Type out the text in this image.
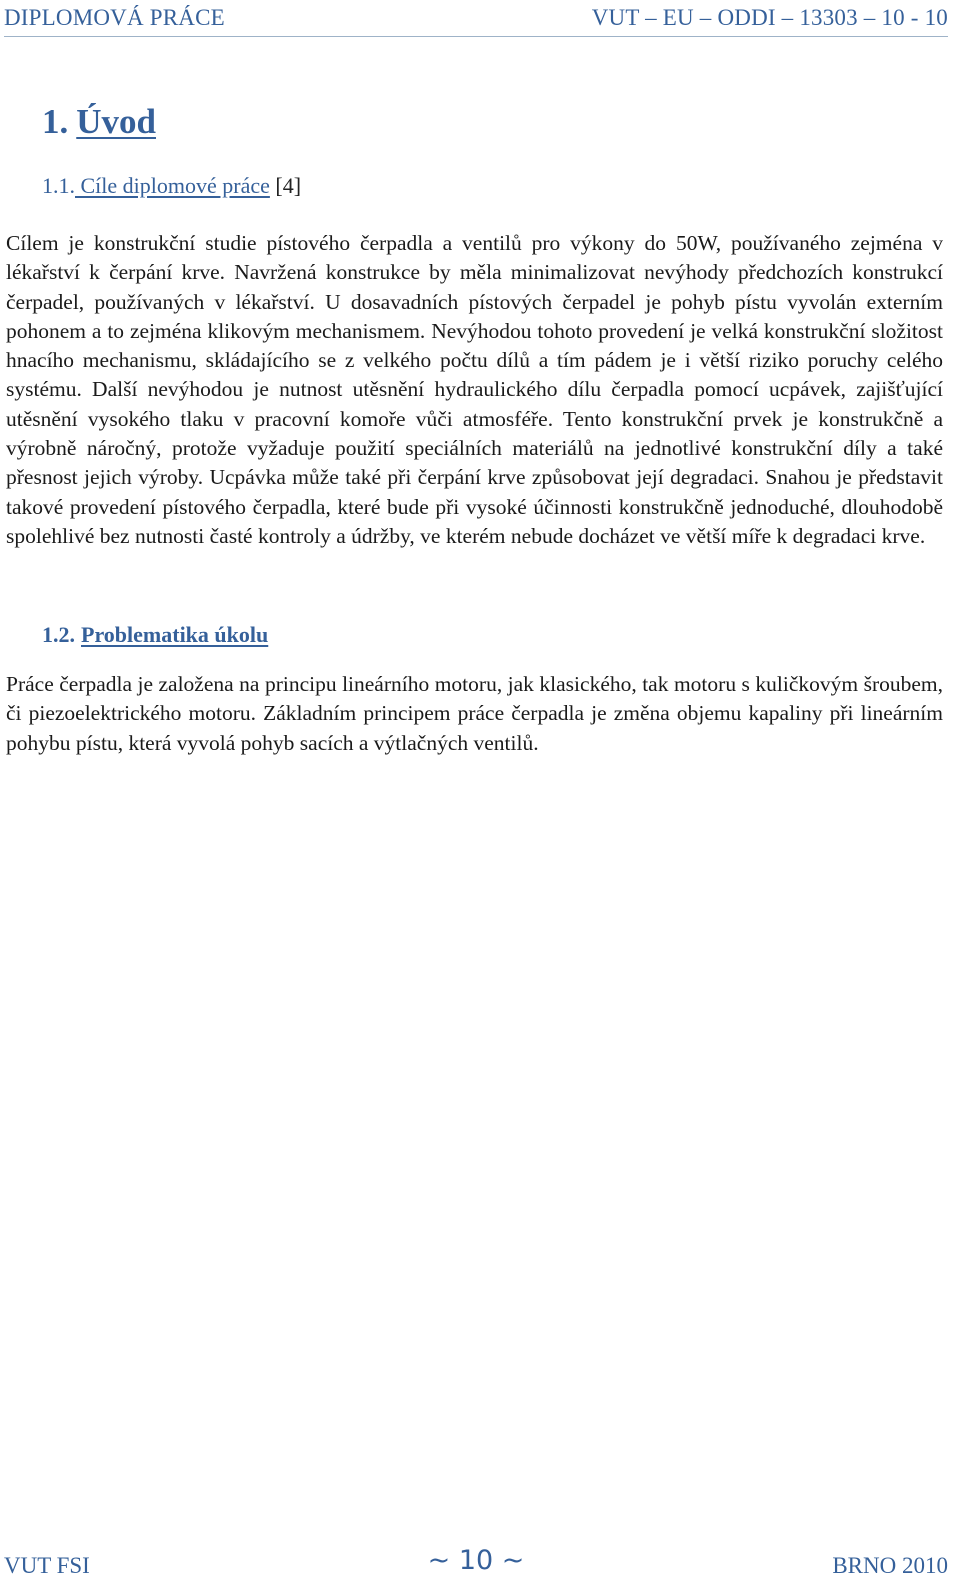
DIPLOMOVÁ PRÁCE	VUT – EU – ODDI – 13303 – 10 - 10
1. Úvod
1.1. Cíle diplomové práce [4]
Cílem je konstrukční studie pístového čerpadla a ventilů pro výkony do 50W, používaného zejména v lékařství k čerpání krve. Navržená konstrukce by měla minimalizovat nevýhody předchozích konstrukcí čerpadel, používaných v lékařství. U dosavadních pístových čerpadel je pohyb pístu vyvolán externím pohonem a to zejména klikovým mechanismem. Nevýhodou tohoto provedení je velká konstrukční složitost hnacího mechanismu, skládajícího se z velkého počtu dílů a tím pádem je i větší riziko poruchy celého systému. Další nevýhodou je nutnost utěsnění hydraulického dílu čerpadla pomocí ucpávek, zajišťující utěsnění vysokého tlaku v pracovní komoře vůči atmosféře. Tento konstrukční prvek je konstrukčně a výrobně náročný, protože vyžaduje použití speciálních materiálů na jednotlivé konstrukční díly a také přesnost jejich výroby. Ucpávka může také při čerpání krve způsobovat její degradaci. Snahou je představit takové provedení pístového čerpadla, které bude při vysoké účinnosti konstrukčně jednoduché, dlouhodobě spolehlivé bez nutnosti časté kontroly a údržby, ve kterém nebude docházet ve větší míře k degradaci krve.
1.2. Problematika úkolu
Práce čerpadla je založena na principu lineárního motoru, jak klasického, tak motoru s kuličkovým šroubem, či piezoelektrického motoru. Základním principem práce čerpadla je změna objemu kapaliny při lineárním pohybu pístu, která vyvolá pohyb sacích a výtlačných ventilů.
VUT FSI	~ 10 ~	BRNO 2010
